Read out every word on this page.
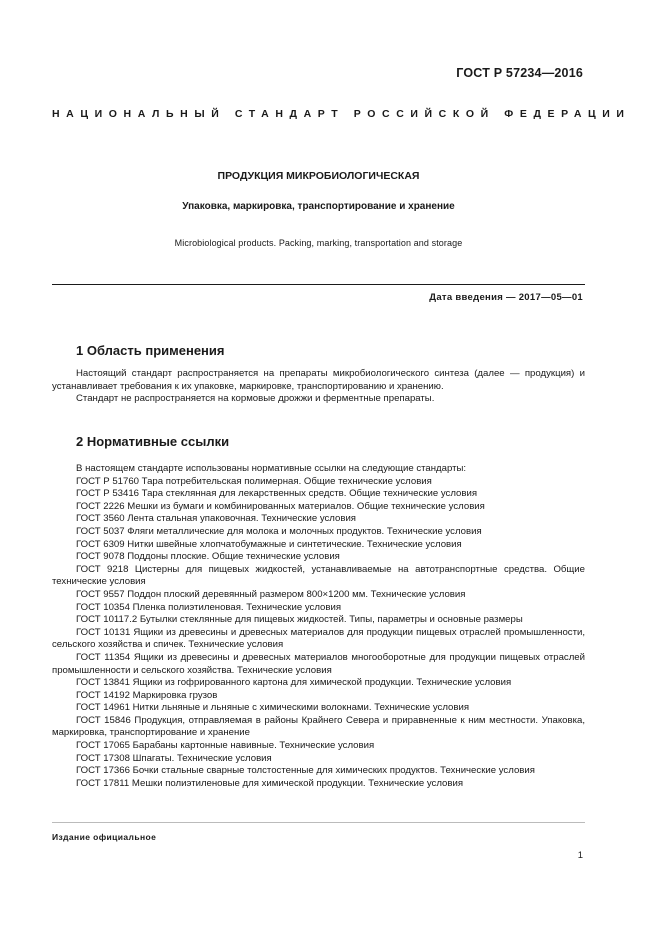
ГОСТ Р 57234—2016
НАЦИОНАЛЬНЫЙ СТАНДАРТ РОССИЙСКОЙ ФЕДЕРАЦИИ
ПРОДУКЦИЯ МИКРОБИОЛОГИЧЕСКАЯ
Упаковка, маркировка, транспортирование и хранение
Microbiological products. Packing, marking, transportation and storage
Дата введения — 2017—05—01
1 Область применения

Настоящий стандарт распространяется на препараты микробиологического синтеза (далее — продукция) и устанавливает требования к их упаковке, маркировке, транспортированию и хранению.

Стандарт не распространяется на кормовые дрожжи и ферментные препараты.

2 Нормативные ссылки

В настоящем стандарте использованы нормативные ссылки на следующие стандарты:

ГОСТ Р 51760 Тара потребительская полимерная. Общие технические условия

ГОСТ Р 53416 Тара стеклянная для лекарственных средств. Общие технические условия

ГОСТ 2226 Мешки из бумаги и комбинированных материалов. Общие технические условия

ГОСТ 3560 Лента стальная упаковочная. Технические условия

ГОСТ 5037 Фляги металлические для молока и молочных продуктов. Технические условия

ГОСТ 6309 Нитки швейные хлопчатобумажные и синтетические. Технические условия

ГОСТ 9078 Поддоны плоские. Общие технические условия

ГОСТ 9218 Цистерны для пищевых жидкостей, устанавливаемые на автотранспортные средства. Общие технические условия

ГОСТ 9557 Поддон плоский деревянный размером 800×1200 мм. Технические условия

ГОСТ 10354 Пленка полиэтиленовая. Технические условия

ГОСТ 10117.2 Бутылки стеклянные для пищевых жидкостей. Типы, параметры и основные размеры

ГОСТ 10131 Ящики из древесины и древесных материалов для продукции пищевых отраслей промышленности, сельского хозяйства и спичек. Технические условия

ГОСТ 11354 Ящики из древесины и древесных материалов многооборотные для продукции пищевых отраслей промышленности и сельского хозяйства. Технические условия

ГОСТ 13841 Ящики из гофрированного картона для химической продукции. Технические условия

ГОСТ 14192 Маркировка грузов

ГОСТ 14961 Нитки льняные и льняные с химическими волокнами. Технические условия

ГОСТ 15846 Продукция, отправляемая в районы Крайнего Севера и приравненные к ним местности. Упаковка, маркировка, транспортирование и хранение

ГОСТ 17065 Барабаны картонные навивные. Технические условия

ГОСТ 17308 Шпагаты. Технические условия

ГОСТ 17366 Бочки стальные сварные толстостенные для химических продуктов. Технические условия

ГОСТ 17811 Мешки полиэтиленовые для химической продукции. Технические условия

Издание официальное
1
